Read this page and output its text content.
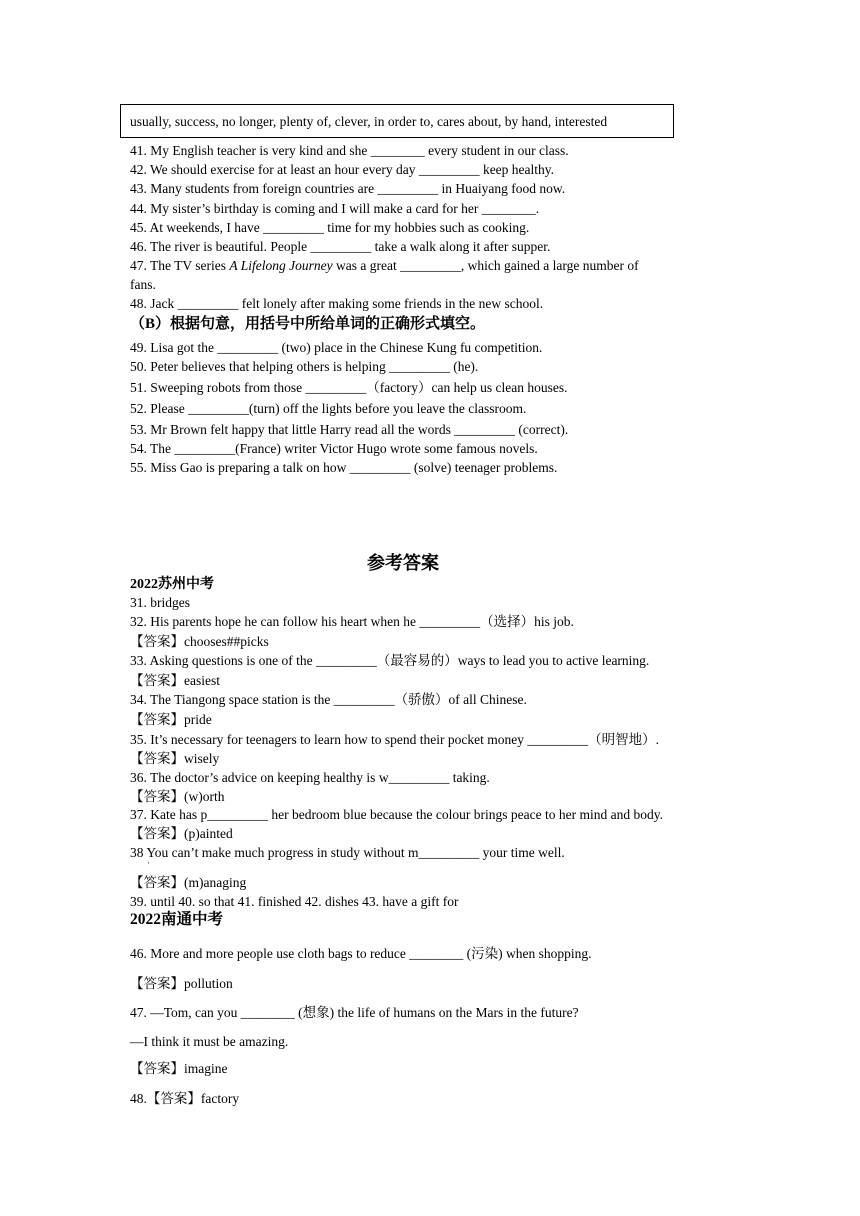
usually, success, no longer, plenty of, clever, in order to, cares about, by hand, interested
41. My English teacher is very kind and she ________ every student in our class.
42. We should exercise for at least an hour every day _________ keep healthy.
43. Many students from foreign countries are _________ in Huaiyang food now.
44. My sister’s birthday is coming and I will make a card for her ________.
45. At weekends, I have _________ time for my hobbies such as cooking.
46. The river is beautiful. People _________ take a walk along it after supper.
47. The TV series A Lifelong Journey was a great _________, which gained a large number of
fans.
48. Jack _________ felt lonely after making some friends in the new school.
（B）根据句意，用括号中所给单词的正确形式填空。
49. Lisa got the _________ (two) place in the Chinese Kung fu competition.
50. Peter believes that helping others is helping _________ (he).
51. Sweeping robots from those _________（factory）can help us clean houses.
52. Please _________(turn) off the lights before you leave the classroom.
53. Mr Brown felt happy that little Harry read all the words _________ (correct).
54. The _________(France) writer Victor Hugo wrote some famous novels.
55. Miss Gao is preparing a talk on how _________ (solve) teenager problems.
参考答案
2022苏州中考
31. bridges
32. His parents hope he can follow his heart when he _________（选择）his job.
【答案】chooses##picks
33. Asking questions is one of the _________（最容易的）ways to lead you to active learning.
【答案】easiest
34. The Tiangong space station is the _________（骄傲）of all Chinese.
【答案】pride
35. It’s necessary for teenagers to learn how to spend their pocket money _________（明智地）.
【答案】wisely
36. The doctor’s advice on keeping healthy is w_________ taking.
【答案】(w)orth
37. Kate has p_________ her bedroom blue because the colour brings peace to her mind and body.
【答案】(p)ainted
38 You can’t make much progress in study without m_________ your time well.
·
【答案】(m)anaging
39. until 40. so that 41. finished 42. dishes 43. have a gift for
2022南通中考
46. More and more people use cloth bags to reduce ________ (污染) when shopping.
【答案】pollution
47. —Tom, can you ________ (想象) the life of humans on the Mars in the future?
—I think it must be amazing.
【答案】imagine
48.【答案】factory
